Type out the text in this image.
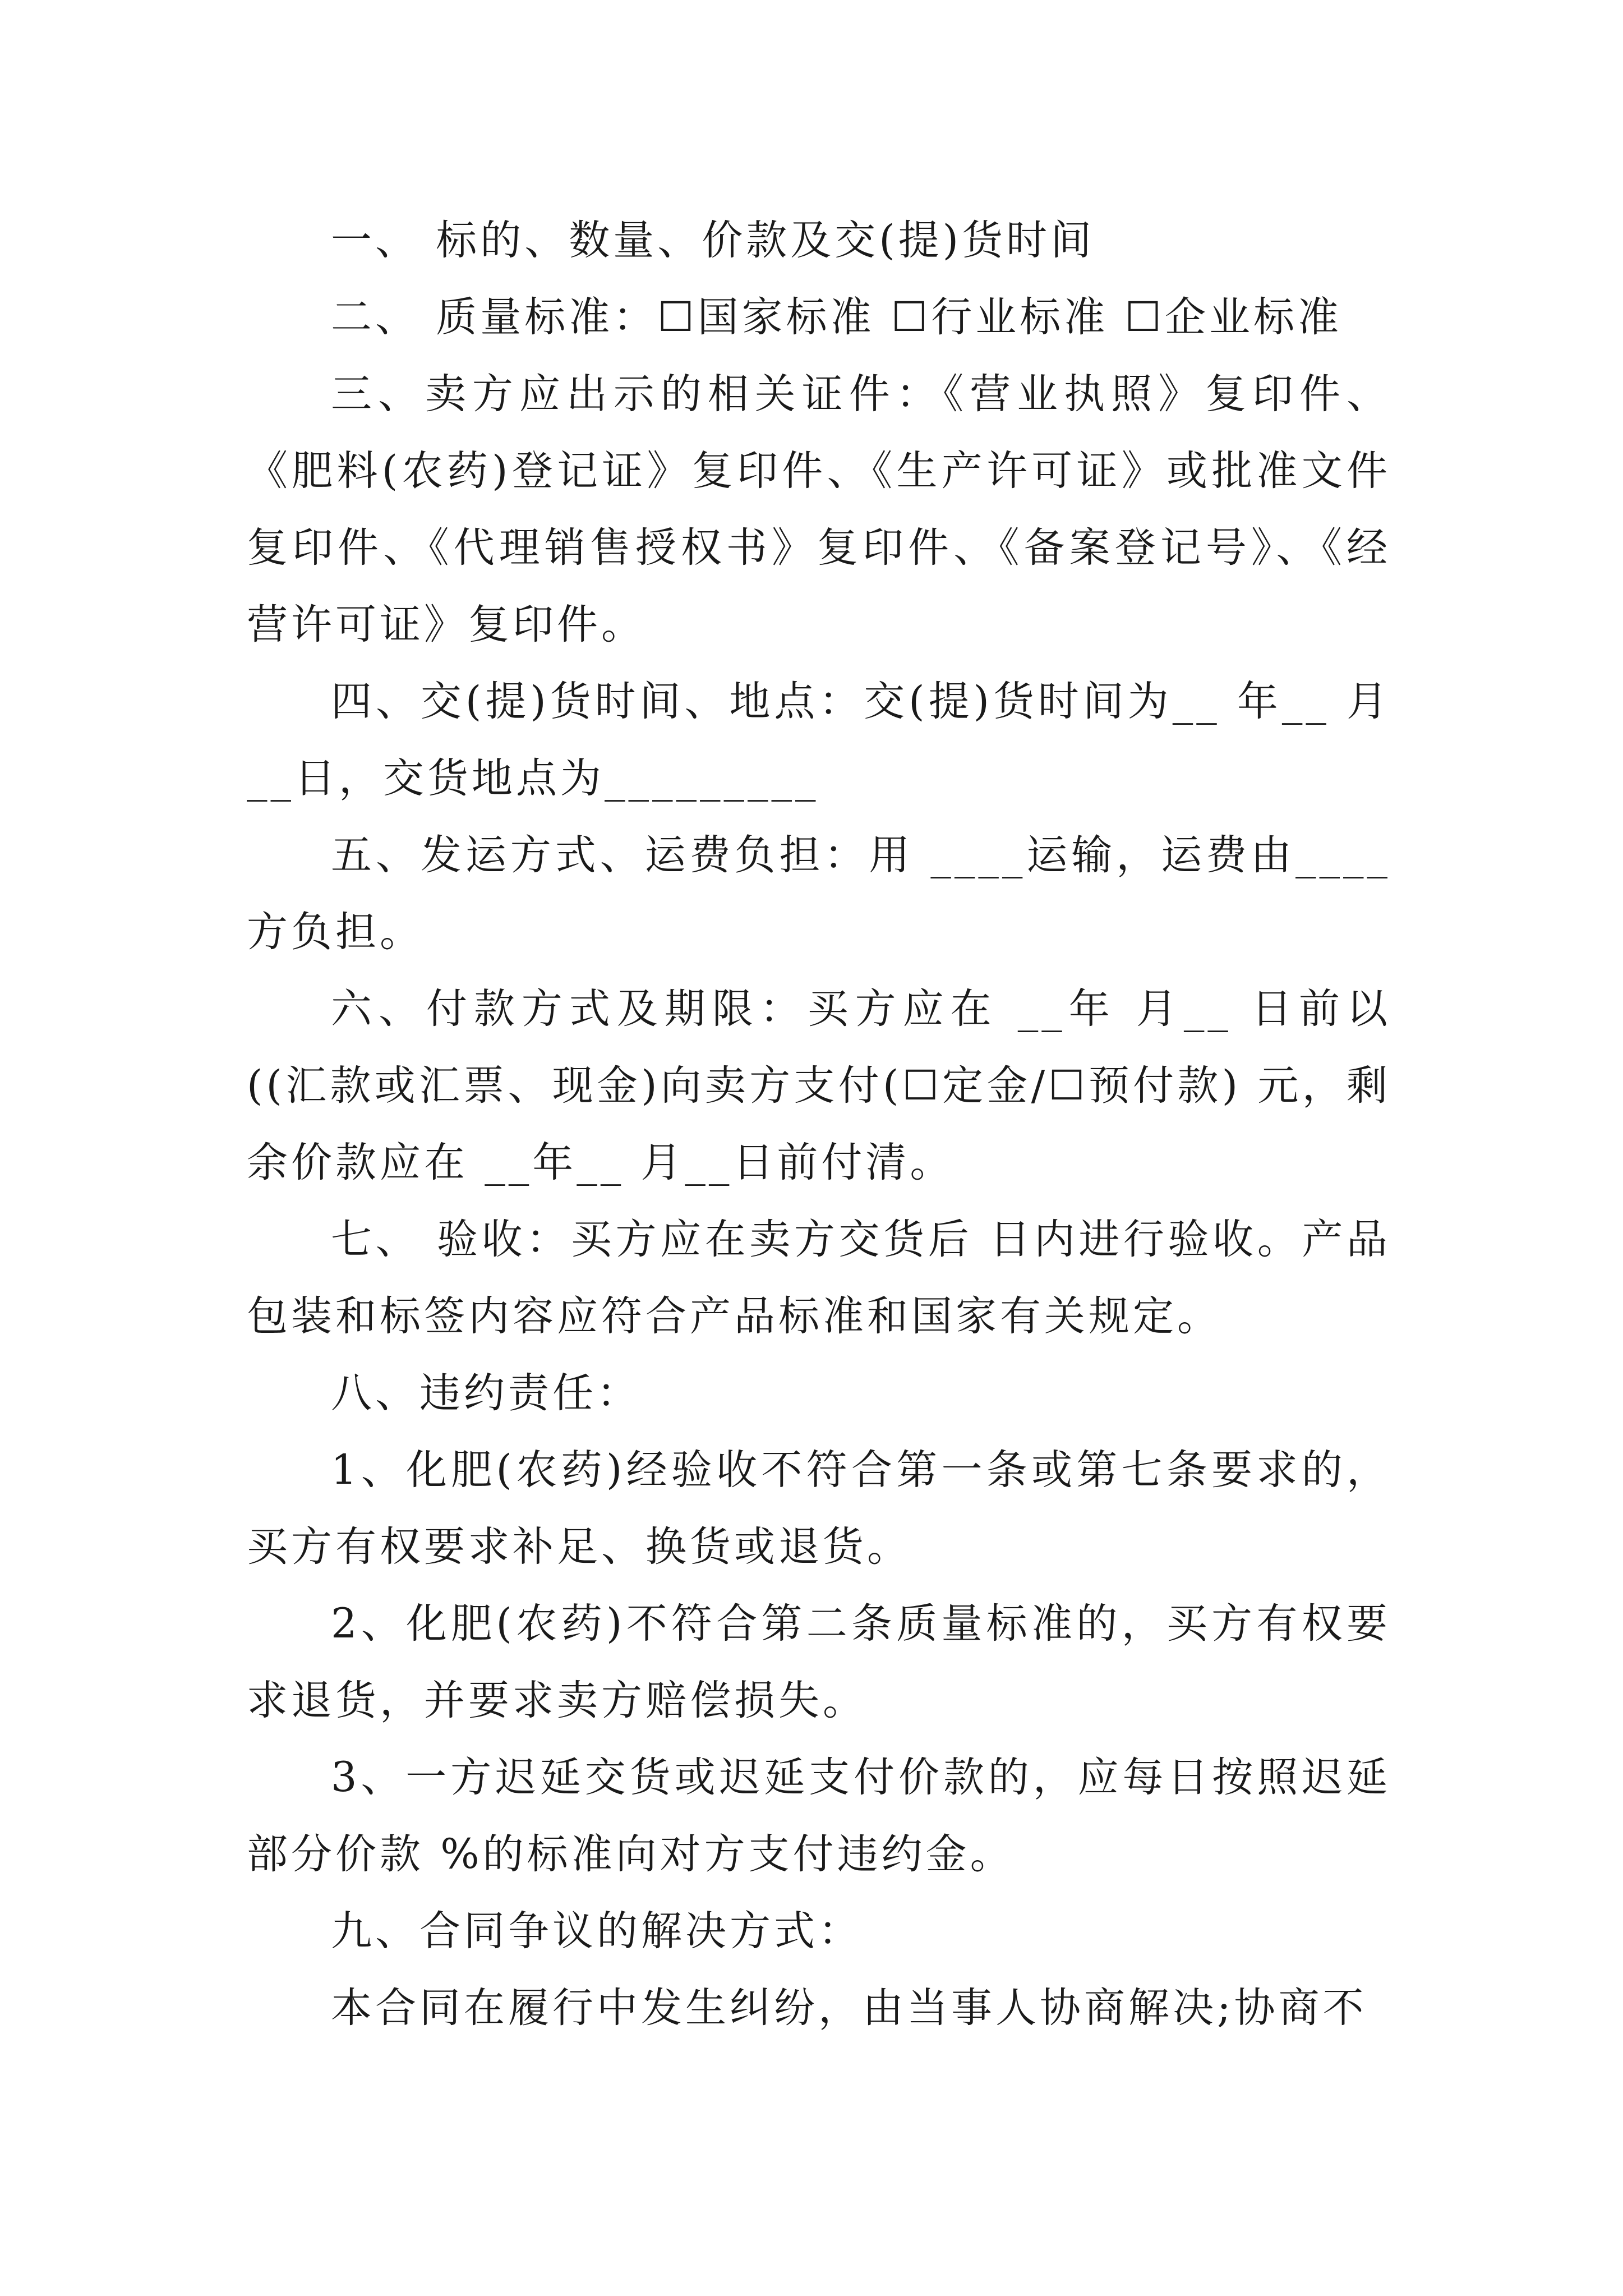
一、 标的、数量、价款及交(提)货时间

二、 质量标准：☐国家标准 ☐行业标准 ☐企业标准

三、卖方应出示的相关证件：《营业执照》复印件、《肥料(农药)登记证》复印件、《生产许可证》或批准文件复印件、《代理销售授权书》复印件、《备案登记号》、《经营许可证》复印件。

四、交(提)货时间、地点：交(提)货时间为__ 年__ 月__日，交货地点为_________

五、发运方式、运费负担：用 ____运输，运费由____方负担。

六、付款方式及期限：买方应在 __年 月__ 日前以 ((汇款或汇票、现金)向卖方支付(☐定金/☐预付款) 元，剩余价款应在 __年__ 月__日前付清。

七、 验收：买方应在卖方交货后 日内进行验收。产品包装和标签内容应符合产品标准和国家有关规定。

八、违约责任：

1、化肥(农药)经验收不符合第一条或第七条要求的，买方有权要求补足、换货或退货。

2、化肥(农药)不符合第二条质量标准的，买方有权要求退货，并要求卖方赔偿损失。

3、一方迟延交货或迟延支付价款的，应每日按照迟延部分价款 %的标准向对方支付违约金。

九、合同争议的解决方式：

本合同在履行中发生纠纷，由当事人协商解决;协商不
